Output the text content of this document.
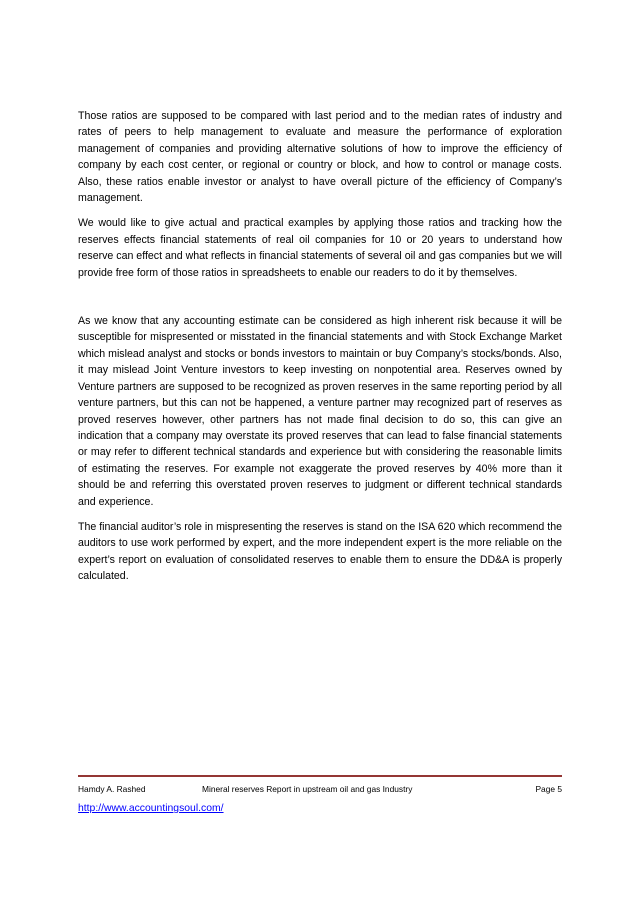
Those ratios are supposed to be compared with last period and to the median rates of industry and rates of peers to help management to evaluate and measure the performance of exploration management of companies and providing alternative solutions of how to improve the efficiency of company by each cost center, or regional or country or block, and how to control or manage costs. Also, these ratios enable investor or analyst to have overall picture of the efficiency of Company’s management.

We would like to give actual and practical examples by applying those ratios and tracking how the reserves effects financial statements of real oil companies for 10 or 20 years to understand how reserve can effect and what reflects in financial statements of several oil and gas companies but we will provide free form of those ratios in spreadsheets to enable our readers to do it by themselves.

As we know that any accounting estimate can be considered as high inherent risk because it will be susceptible for mispresented or misstated in the financial statements and with Stock Exchange Market which mislead analyst and stocks or bonds investors to maintain or buy Company’s stocks/bonds. Also, it may mislead Joint Venture investors to keep investing on nonpotential area. Reserves owned by Venture partners are supposed to be recognized as proven reserves in the same reporting period by all venture partners, but this can not be happened, a venture partner may recognized part of reserves as proved reserves however, other partners has not made final decision to do so, this can give an indication that a company may overstate its proved reserves that can lead to false financial statements or may refer to different technical standards and experience but with considering the reasonable limits of estimating the reserves. For example not exaggerate the proved reserves by 40% more than it should be and referring this overstated proven reserves to judgment or different technical standards and experience.

The financial auditor’s role in mispresenting the reserves is stand on the ISA 620 which recommend the auditors to use work performed by expert, and the more independent expert is the more reliable on the expert’s report on evaluation of consolidated reserves to enable them to ensure the DD&A is properly calculated.

Hamdy A. Rashed	Mineral reserves Report in upstream oil and gas Industry	Page 5
http://www.accountingsoul.com/
